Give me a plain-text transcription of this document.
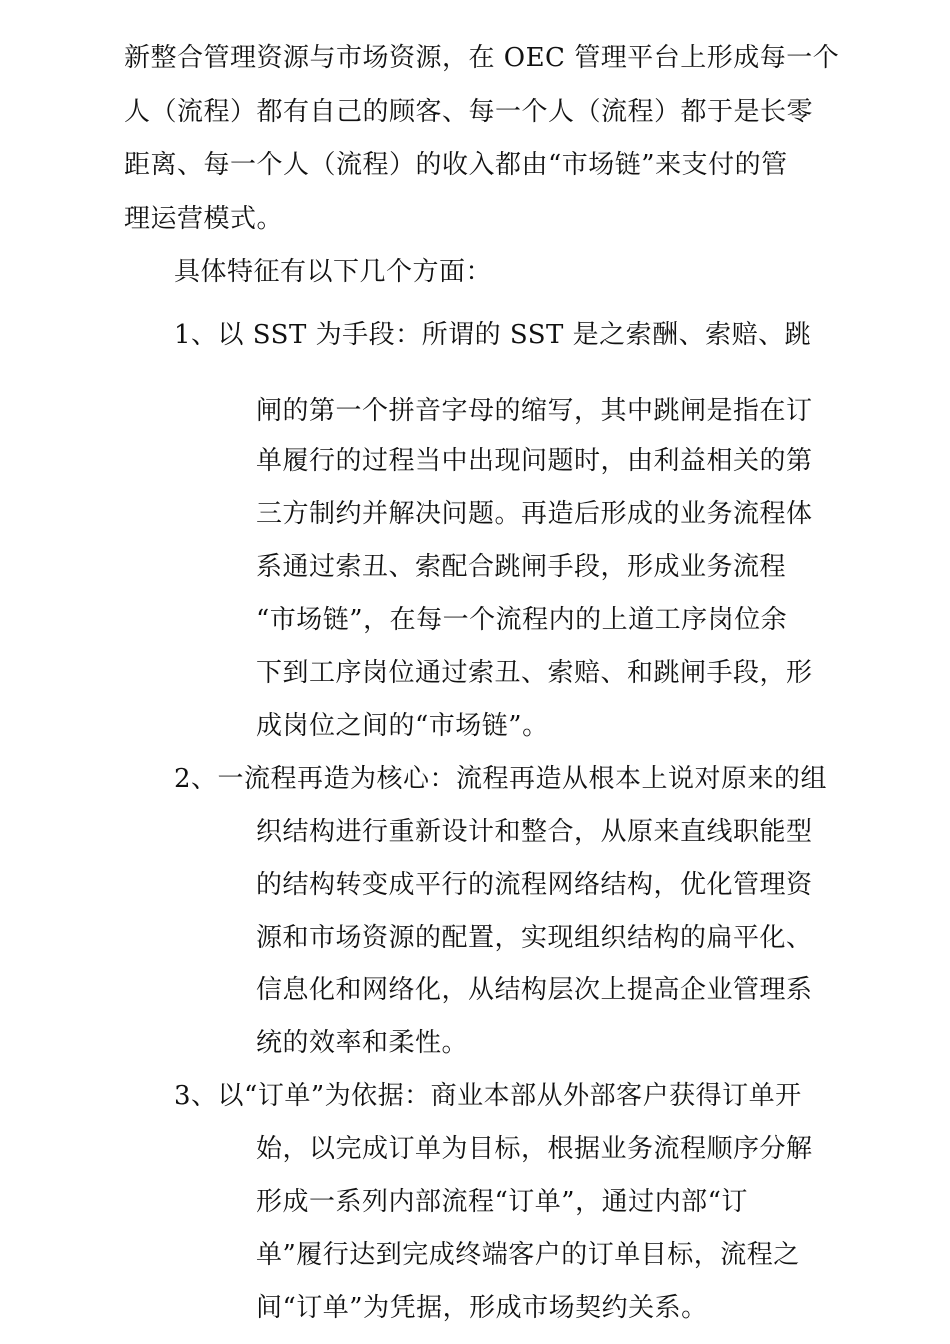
新整合管理资源与市场资源，在 OEC 管理平台上形成每一个
人（流程）都有自己的顾客、每一个人（流程）都于是长零
距离、每一个人（流程）的收入都由“市场链”来支付的管
理运营模式。
具体特征有以下几个方面：
1、以 SST 为手段：所谓的 SST 是之索酬、索赔、跳
闸的第一个拼音字母的缩写，其中跳闸是指在订
单履行的过程当中出现问题时，由利益相关的第
三方制约并解决问题。再造后形成的业务流程体
系通过索丑、索配合跳闸手段，形成业务流程
“市场链”，在每一个流程内的上道工序岗位余
下到工序岗位通过索丑、索赔、和跳闸手段，形
成岗位之间的“市场链”。
2、一流程再造为核心：流程再造从根本上说对原来的组
织结构进行重新设计和整合，从原来直线职能型
的结构转变成平行的流程网络结构，优化管理资
源和市场资源的配置，实现组织结构的扁平化、
信息化和网络化，从结构层次上提高企业管理系
统的效率和柔性。
3、以“订单”为依据：商业本部从外部客户获得订单开
始，以完成订单为目标，根据业务流程顺序分解
形成一系列内部流程“订单”，通过内部“订
单”履行达到完成终端客户的订单目标，流程之
间“订单”为凭据，形成市场契约关系。
